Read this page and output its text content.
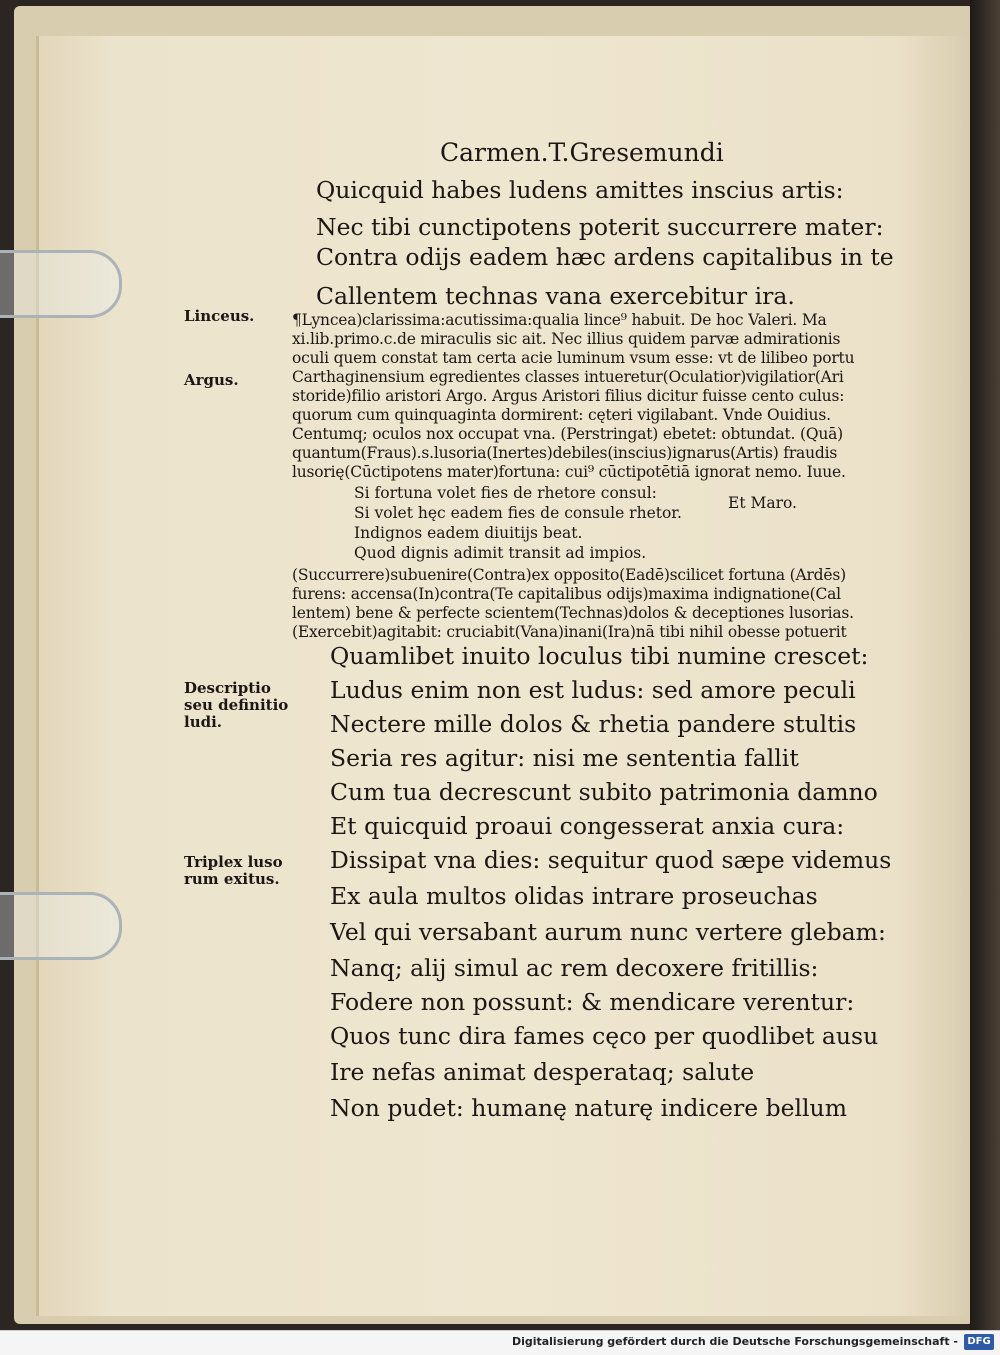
Carmen.T.Gresemundi
Quicquid habes ludens amittes inscius artis:
Nec tibi cunctipotens poterit succurrere mater:
Contra odijs eadem hæc ardens capitalibus in te
Callentem technas vana exercebitur ira.
Linceus.
Argus.
¶Lyncea)clarissima:acutissima:qualia lince⁹ habuit. De hoc Valeri. Ma
xi.lib.primo.c.de miraculis sic ait. Nec illius quidem parvæ admirationis
oculi quem constat tam certa acie luminum vsum esse: vt de lilibeo portu
Carthaginensium egredientes classes intueretur(Oculatior)vigilatior(Ari
storide)filio aristori Argo. Argus Aristori filius dicitur fuisse cento culus:
quorum cum quinquaginta dormirent: cęteri vigilabant. Vnde Ouidius.
Centumq; oculos nox occupat vna. (Perstringat) ebetet: obtundat. (Quā)
quantum(Fraus).s.lusoria(Inertes)debiles(inscius)ignarus(Artis) fraudis
lusorię(Cūctipotens mater)fortuna: cui⁹ cūctipotētiā ignorat nemo. Iuue.
Si fortuna volet fies de rhetore consul:
Si volet hęc eadem fies de consule rhetor.
Et Maro.
Indignos eadem diuitijs beat.
Quod dignis adimit transit ad impios.
(Succurrere)subuenire(Contra)ex opposito(Eadē)scilicet fortuna (Ardēs)
furens: accensa(In)contra(Te capitalibus odijs)maxima indignatione(Cal
lentem) bene & perfecte scientem(Technas)dolos & deceptiones lusorias.
(Exercebit)agitabit: cruciabit(Vana)inani(Ira)nā tibi nihil obesse potuerit
Descriptio seu definitio ludi.
Triplex luso rum exitus.
Quamlibet inuito loculus tibi numine crescet:
Ludus enim non est ludus: sed amore peculi
Nectere mille dolos & rhetia pandere stultis
Seria res agitur: nisi me sententia fallit
Cum tua decrescunt subito patrimonia damno
Et quicquid proaui congesserat anxia cura:
Dissipat vna dies: sequitur quod sæpe videmus
Ex aula multos olidas intrare proseuchas
Vel qui versabant aurum nunc vertere glebam:
Nanq; alij simul ac rem decoxere fritillis:
Fodere non possunt: & mendicare verentur:
Quos tunc dira fames cęco per quodlibet ausu
Ire nefas animat desperataq; salute
Non pudet: humanę naturę indicere bellum
Digitalisierung gefördert durch die Deutsche Forschungsgemeinschaft - DFG
